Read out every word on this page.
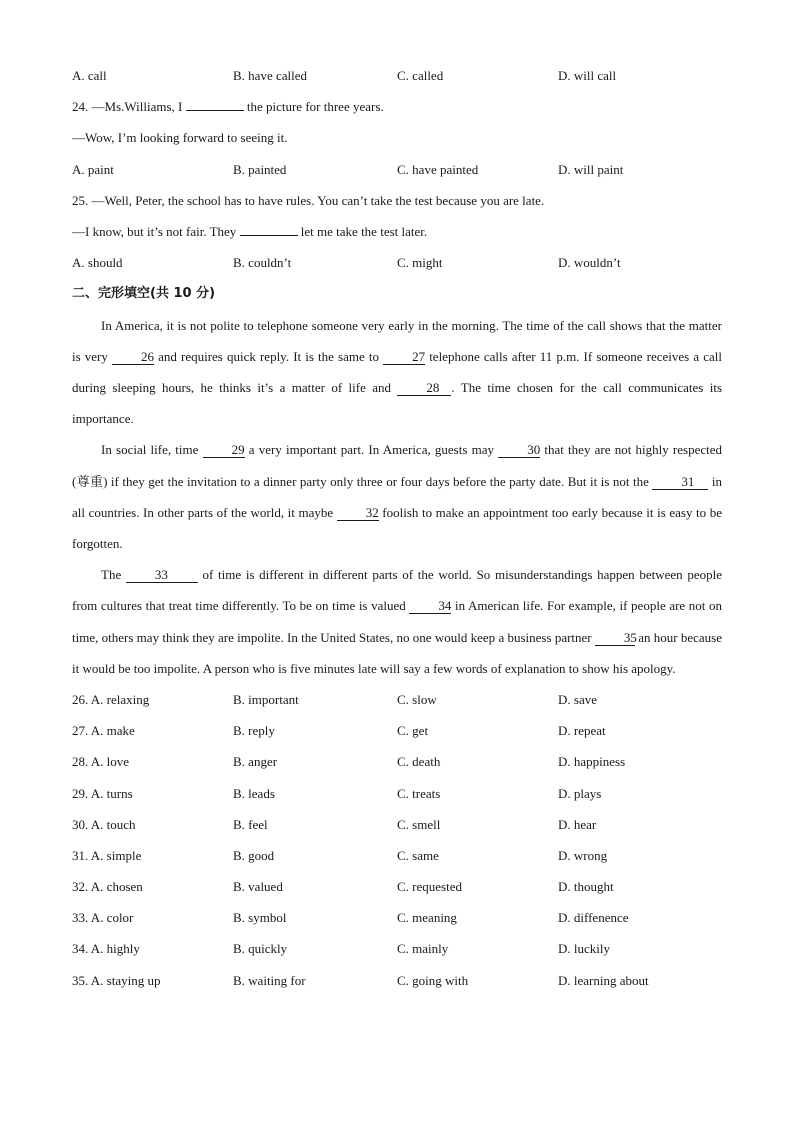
A. call	B. have called	C. called	D. will call
24. —Ms.Williams, I	the picture for three years.
—Wow, I’m looking forward to seeing it.
A. paint	B. painted	C. have painted	D. will paint
25. —Well, Peter, the school has to have rules. You can’t take the test because you are late.
—I know, but it’s not fair. They	let me take the test later.
A. should	B. couldn’t	C. might	D. wouldn’t
二、完形填空(共 10 分)
In America, it is not polite to telephone someone very early in the morning. The time of the call shows that the matter is very 26 and requires quick reply. It is the same to 27 telephone calls after 11 p.m. If someone receives a call during sleeping hours, he thinks it’s a matter of life and 28 . The time chosen for the call communicates its importance.
In social life, time 29 a very important part. In America, guests may 30 that they are not highly respected (尊重) if they get the invitation to a dinner party only three or four days before the party date. But it is not the 31 in all countries. In other parts of the world, it maybe 32 foolish to make an appointment too early because it is easy to be forgotten.
The 33 of time is different in different parts of the world. So misunderstandings happen between people from cultures that treat time differently. To be on time is valued 34 in American life. For example, if people are not on time, others may think they are impolite. In the United States, no one would keep a business partner 35 an hour because it would be too impolite. A person who is five minutes late will say a few words of explanation to show his apology.
26. A. relaxing	B. important	C. slow	D. save
27. A. make	B. reply	C. get	D. repeat
28. A. love	B. anger	C. death	D. happiness
29. A. turns	B. leads	C. treats	D. plays
30. A. touch	B. feel	C. smell	D. hear
31. A. simple	B. good	C. same	D. wrong
32. A. chosen	B. valued	C. requested	D. thought
33. A. color	B. symbol	C. meaning	D. diffenence
34. A. highly	B. quickly	C. mainly	D. luckily
35. A. staying up	B. waiting for	C. going with	D. learning about
